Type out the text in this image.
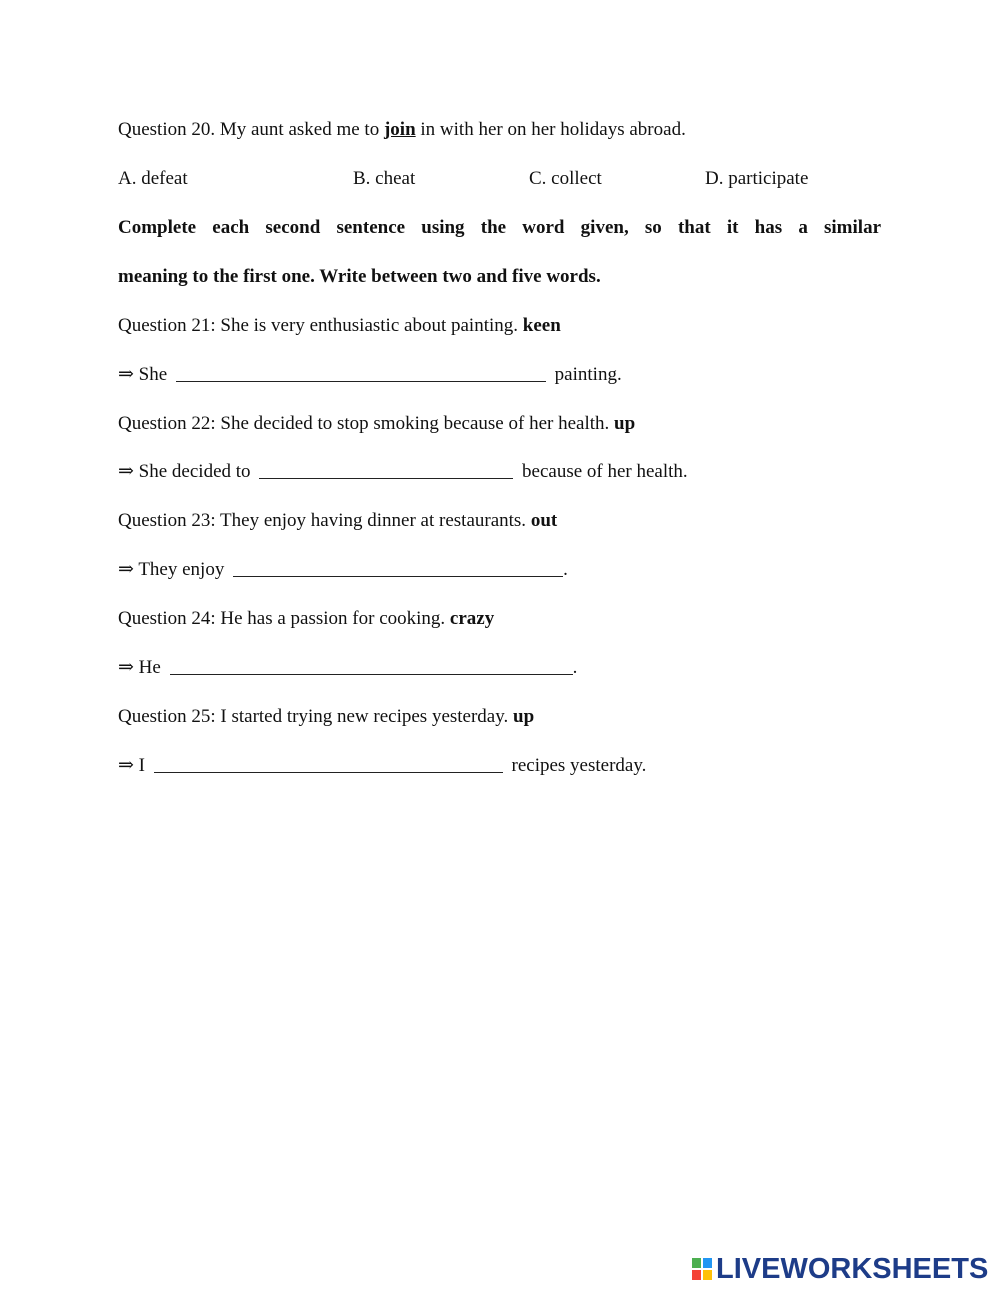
Question 20. My aunt asked me to join in with her on her holidays abroad.
A. defeat	B. cheat	C. collect	D. participate
Complete each second sentence using the word given, so that it has a similar
meaning to the first one. Write between two and five words.
Question 21: She is very enthusiastic about painting. keen
⇒ She	painting.
Question 22: She decided to stop smoking because of her health. up
⇒ She decided to	because of her health.
Question 23: They enjoy having dinner at restaurants. out
⇒ They enjoy	.
Question 24: He has a passion for cooking. crazy
⇒ He	.
Question 25: I started trying new recipes yesterday. up
⇒ I	recipes yesterday.
LIVEWORKSHEETS
